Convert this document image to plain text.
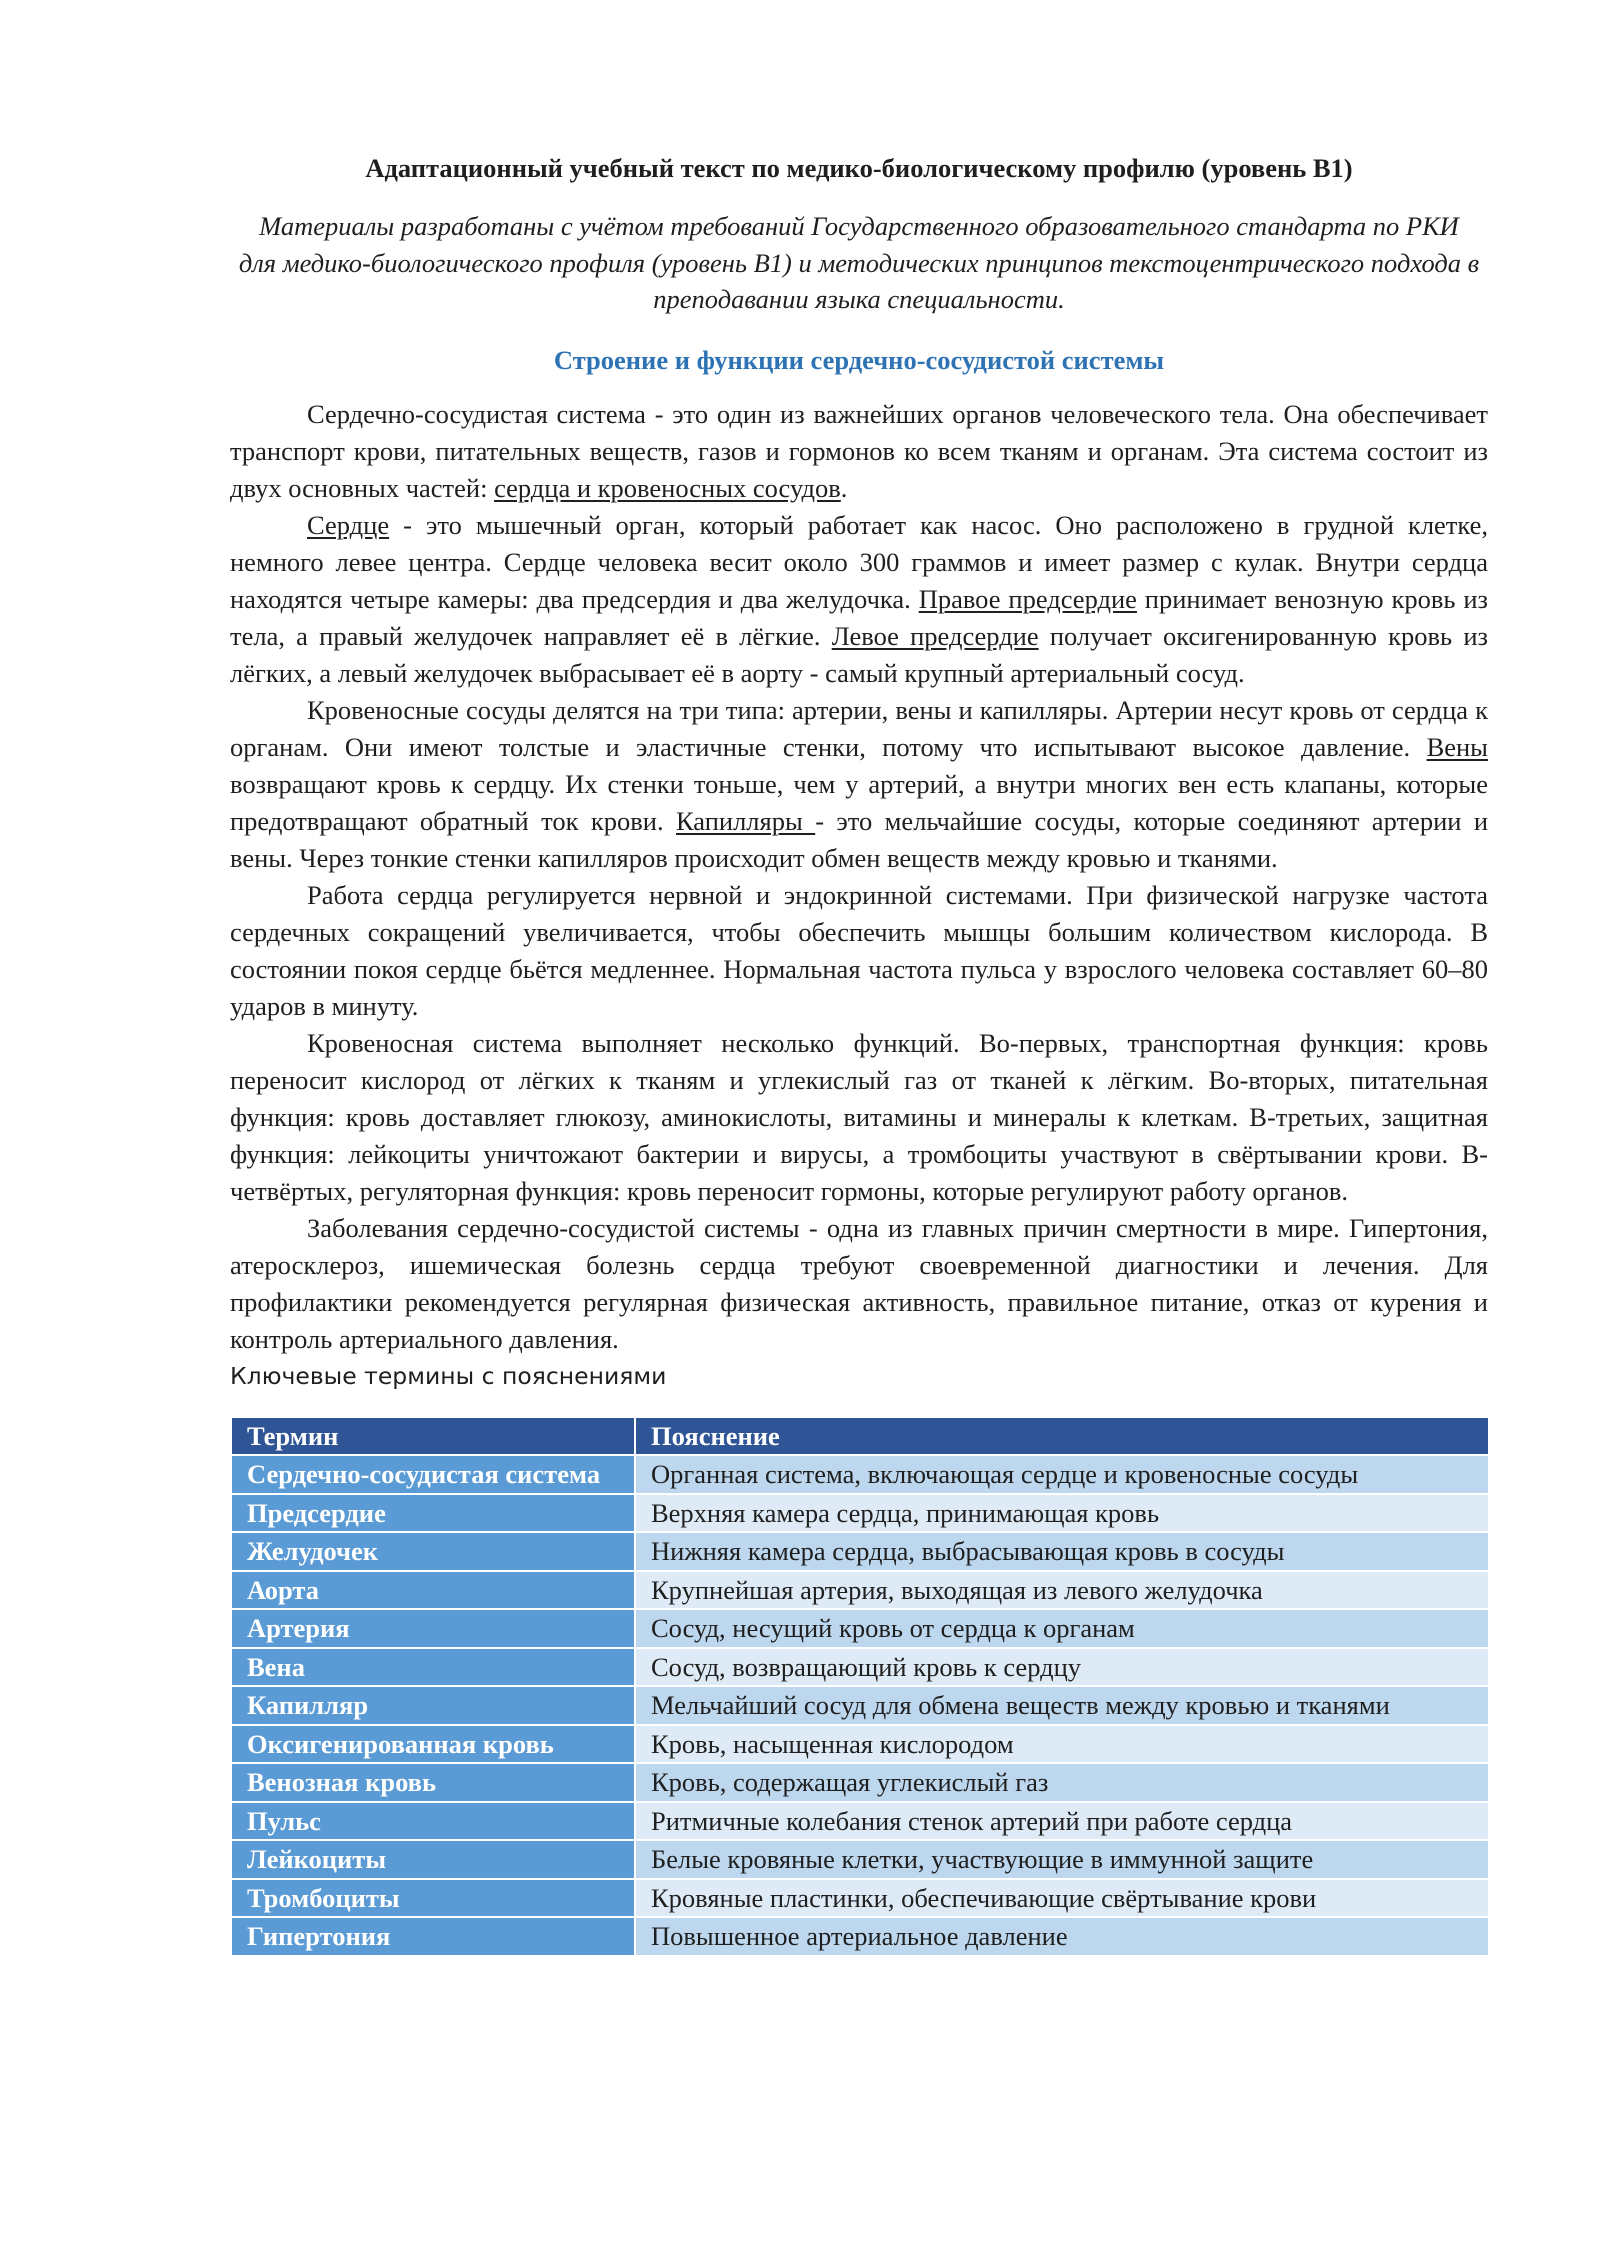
Адаптационный учебный текст по медико-биологическому профилю (уровень В1)

Материалы разработаны с учётом требований Государственного образовательного стандарта по РКИ для медико-биологического профиля (уровень В1) и методических принципов текстоцентрического подхода в преподавании языка специальности.

Строение и функции сердечно-сосудистой системы

Сердечно-сосудистая система - это один из важнейших органов человеческого тела. Она обеспечивает транспорт крови, питательных веществ, газов и гормонов ко всем тканям и органам. Эта система состоит из двух основных частей: сердца и кровеносных сосудов.

Сердце - это мышечный орган, который работает как насос. Оно расположено в грудной клетке, немного левее центра. Сердце человека весит около 300 граммов и имеет размер с кулак. Внутри сердца находятся четыре камеры: два предсердия и два желудочка. Правое предсердие принимает венозную кровь из тела, а правый желудочек направляет её в лёгкие. Левое предсердие получает оксигенированную кровь из лёгких, а левый желудочек выбрасывает её в аорту - самый крупный артериальный сосуд.

Кровеносные сосуды делятся на три типа: артерии, вены и капилляры. Артерии несут кровь от сердца к органам. Они имеют толстые и эластичные стенки, потому что испытывают высокое давление. Вены возвращают кровь к сердцу. Их стенки тоньше, чем у артерий, а внутри многих вен есть клапаны, которые предотвращают обратный ток крови. Капилляры - это мельчайшие сосуды, которые соединяют артерии и вены. Через тонкие стенки капилляров происходит обмен веществ между кровью и тканями.

Работа сердца регулируется нервной и эндокринной системами. При физической нагрузке частота сердечных сокращений увеличивается, чтобы обеспечить мышцы большим количеством кислорода. В состоянии покоя сердце бьётся медленнее. Нормальная частота пульса у взрослого человека составляет 60–80 ударов в минуту.

Кровеносная система выполняет несколько функций. Во-первых, транспортная функция: кровь переносит кислород от лёгких к тканям и углекислый газ от тканей к лёгким. Во-вторых, питательная функция: кровь доставляет глюкозу, аминокислоты, витамины и минералы к клеткам. В-третьих, защитная функция: лейкоциты уничтожают бактерии и вирусы, а тромбоциты участвуют в свёртывании крови. В-четвёртых, регуляторная функция: кровь переносит гормоны, которые регулируют работу органов.

Заболевания сердечно-сосудистой системы - одна из главных причин смертности в мире. Гипертония, атеросклероз, ишемическая болезнь сердца требуют своевременной диагностики и лечения. Для профилактики рекомендуется регулярная физическая активность, правильное питание, отказ от курения и контроль артериального давления.

Ключевые термины с пояснениями
Термин	Пояснение
Сердечно-сосудистая система	Органная система, включающая сердце и кровеносные сосуды
Предсердие	Верхняя камера сердца, принимающая кровь
Желудочек	Нижняя камера сердца, выбрасывающая кровь в сосуды
Аорта	Крупнейшая артерия, выходящая из левого желудочка
Артерия	Сосуд, несущий кровь от сердца к органам
Вена	Сосуд, возвращающий кровь к сердцу
Капилляр	Мельчайший сосуд для обмена веществ между кровью и тканями
Оксигенированная кровь	Кровь, насыщенная кислородом
Венозная кровь	Кровь, содержащая углекислый газ
Пульс	Ритмичные колебания стенок артерий при работе сердца
Лейкоциты	Белые кровяные клетки, участвующие в иммунной защите
Тромбоциты	Кровяные пластинки, обеспечивающие свёртывание крови
Гипертония	Повышенное артериальное давление
